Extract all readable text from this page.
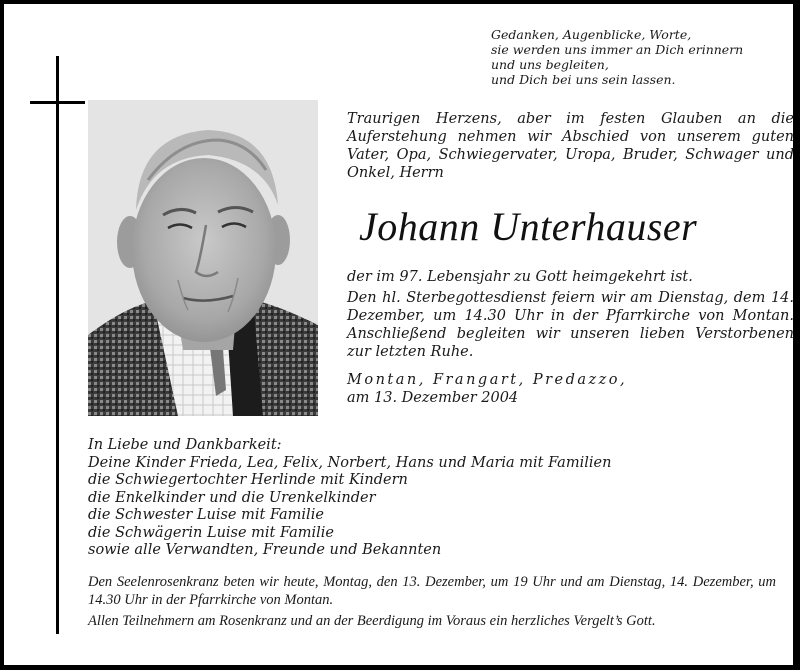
Gedanken, Augenblicke, Worte,
sie werden uns immer an Dich erinnern
und uns begleiten,
und Dich bei uns sein lassen.
Traurigen Herzens, aber im festen Glauben an die Auferstehung nehmen wir Abschied von unserem guten Vater, Opa, Schwiegervater, Uropa, Bruder, Schwager und Onkel, Herrn
Johann Unterhauser
der im 97. Lebensjahr zu Gott heimgekehrt ist.
Den hl. Sterbegottesdienst feiern wir am Dienstag, dem 14. Dezember, um 14.30 Uhr in der Pfarrkirche von Montan. Anschließend begleiten wir unseren lieben Verstorbenen zur letzten Ruhe.
Montan, Frangart, Predazzo,
am 13. Dezember 2004
In Liebe und Dankbarkeit:
Deine Kinder Frieda, Lea, Felix, Norbert, Hans und Maria mit Familien
die Schwiegertochter Herlinde mit Kindern
die Enkelkinder und die Urenkelkinder
die Schwester Luise mit Familie
die Schwägerin Luise mit Familie
sowie alle Verwandten, Freunde und Bekannten
Den Seelenrosenkranz beten wir heute, Montag, den 13. Dezember, um 19 Uhr und am Dienstag, 14. Dezember, um 14.30 Uhr in der Pfarrkirche von Montan.
Allen Teilnehmern am Rosenkranz und an der Beerdigung im Voraus ein herzliches Vergelt’s Gott.
